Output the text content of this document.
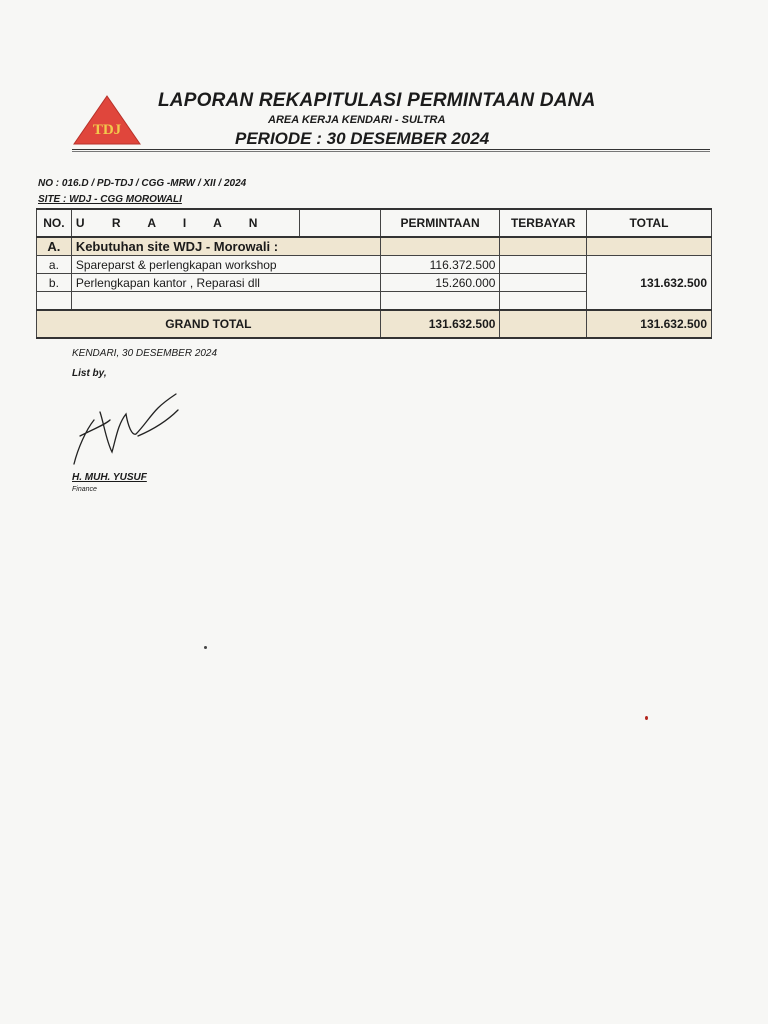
TDJ
LAPORAN REKAPITULASI PERMINTAAN DANA
AREA KERJA KENDARI - SULTRA
PERIODE : 30 DESEMBER 2024
NO : 016.D / PD-TDJ / CGG -MRW / XII / 2024
SITE : WDJ - CGG MOROWALI
NO.	U R A I A N		PERMINTAAN	TERBAYAR	TOTAL
A.	Kebutuhan site WDJ - Morowali :				
a.	Spareparst & perlengkapan workshop		116.372.500		131.632.500
b.	Perlengkapan kantor , Reparasi dll		15.260.000		

GRAND TOTAL			131.632.500		131.632.500
KENDARI, 30 DESEMBER 2024
List by,
H. MUH. YUSUF
Finance
